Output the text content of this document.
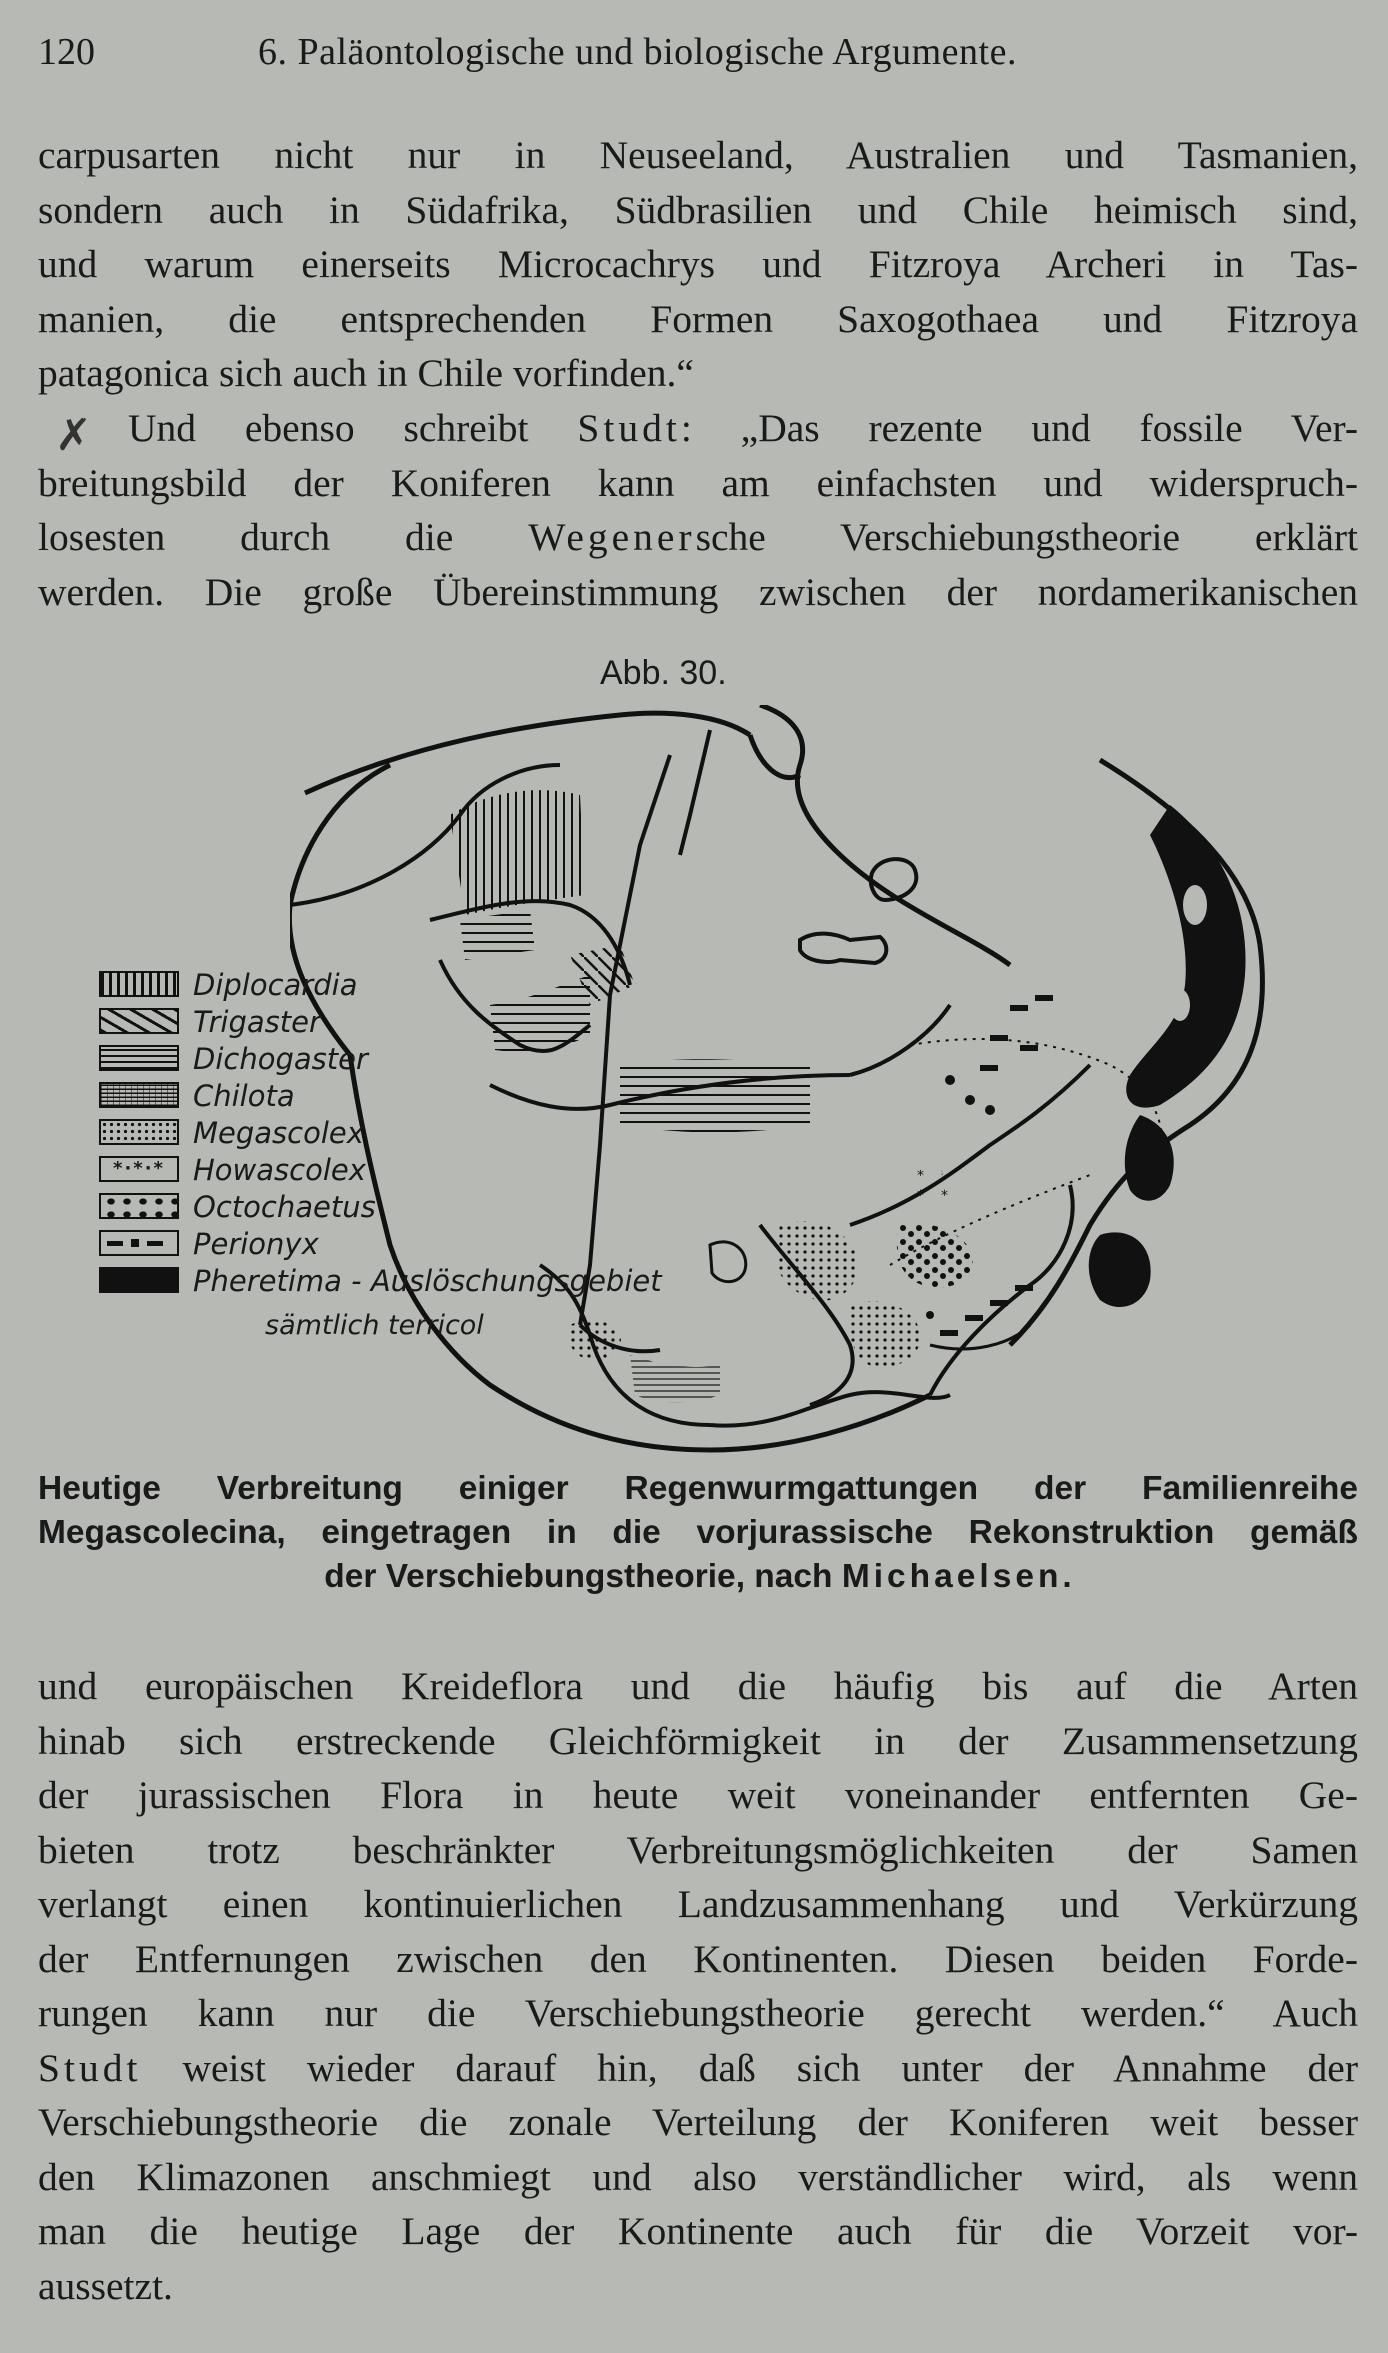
120	6. Paläontologische und biologische Argumente.
carpusarten nicht nur in Neuseeland, Australien und Tasmanien,
sondern auch in Südafrika, Südbrasilien und Chile heimisch sind,
und warum einerseits Microcachrys und Fitzroya Archeri in Tas-
manien, die entsprechenden Formen Saxogothaea und Fitzroya
patagonica sich auch in Chile vorfinden.“
✗ Und ebenso schreibt Studt: „Das rezente und fossile Ver-
breitungsbild der Koniferen kann am einfachsten und widerspruch-
losesten durch die Wegenersche Verschiebungstheorie erklärt
werden. Die große Übereinstimmung zwischen der nordamerikanischen
Abb. 30.
Diplocardia
Trigaster
Dichogaster
Chilota
Megascolex
*·*·* Howascolex
Octochaetus
Perionyx
Pheretima - Auslöschungsgebiet
sämtlich terricol
Heutige Verbreitung einiger Regenwurmgattungen der Familienreihe
Megascolecina, eingetragen in die vorjurassische Rekonstruktion gemäß
der Verschiebungstheorie, nach Michaelsen.
und europäischen Kreideflora und die häufig bis auf die Arten
hinab sich erstreckende Gleichförmigkeit in der Zusammensetzung
der jurassischen Flora in heute weit voneinander entfernten Ge-
bieten trotz beschränkter Verbreitungsmöglichkeiten der Samen
verlangt einen kontinuierlichen Landzusammenhang und Verkürzung
der Entfernungen zwischen den Kontinenten. Diesen beiden Forde-
rungen kann nur die Verschiebungstheorie gerecht werden.“ Auch
Studt weist wieder darauf hin, daß sich unter der Annahme der
Verschiebungstheorie die zonale Verteilung der Koniferen weit besser
den Klimazonen anschmiegt und also verständlicher wird, als wenn
man die heutige Lage der Kontinente auch für die Vorzeit vor-
aussetzt.
